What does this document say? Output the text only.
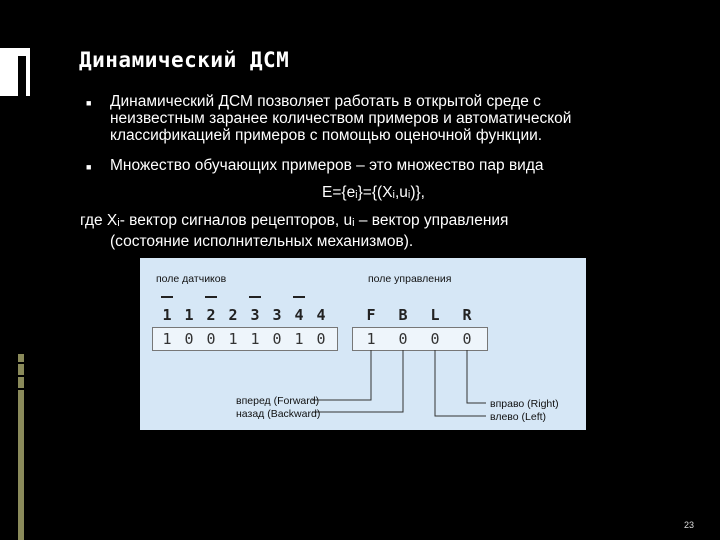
Динамический ДСМ
■ Динамический ДСМ позволяет работать в открытой среде с
неизвестным заранее количеством примеров и автоматической
классификацией примеров с помощью оценочной функции.
■ Множество обучающих примеров – это множество пар вида
E={eᵢ}={(Xᵢ,uᵢ)},
где Xᵢ- вектор сигналов рецепторов, uᵢ – вектор управления
(состояние исполнительных механизмов).
поле датчиков	поле управления
1 1 2 2 3 3 4 4	F	B	L	R
1 0 0 1 1 0 1 0	1	0	0	0
вперед (Forward)
назад (Backward)
вправо (Right)
влево (Left)
23
